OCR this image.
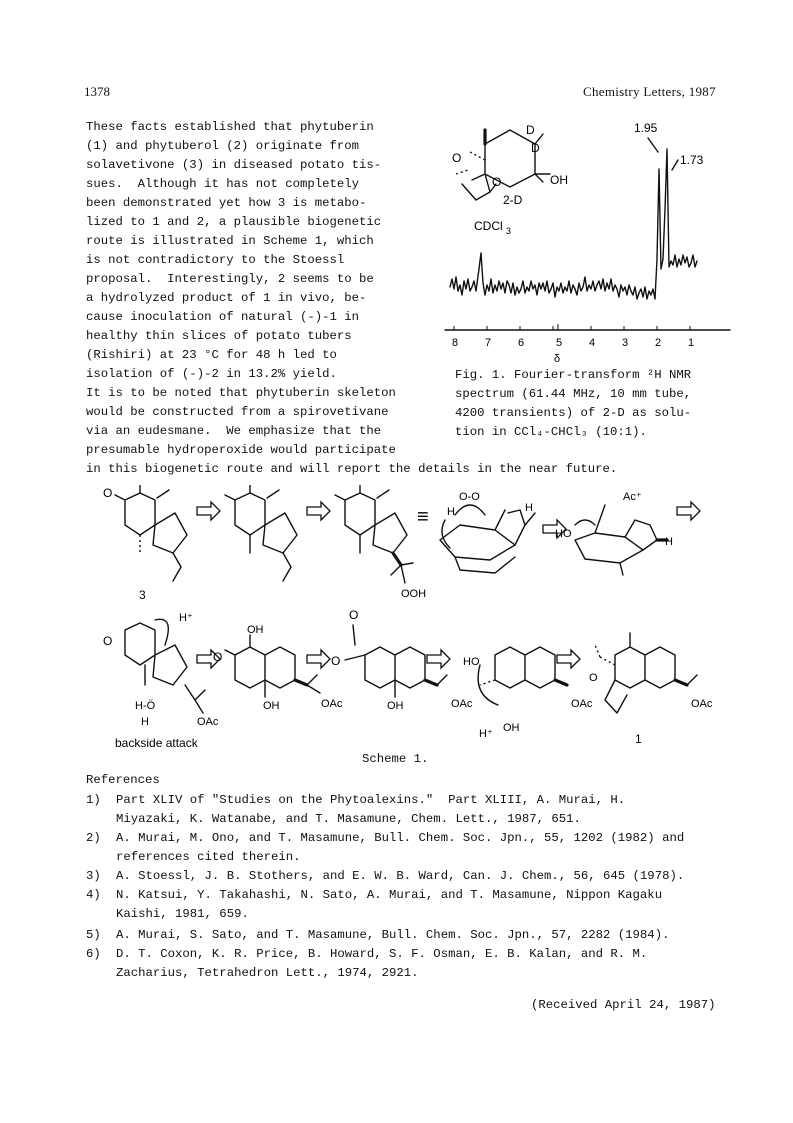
1378	Chemistry Letters, 1987
These facts established that phytuberin
(1) and phytuberol (2) originate from
solavetivone (3) in diseased potato tis-
sues.  Although it has not completely
been demonstrated yet how 3 is metabo-
lized to 1 and 2, a plausible biogenetic
route is illustrated in Scheme 1, which
is not contradictory to the Stoessl
proposal.  Interestingly, 2 seems to be
a hydrolyzed product of 1 in vivo, be-
cause inoculation of natural (-)-1 in
healthy thin slices of potato tubers
(Rishiri) at 23 °C for 48 h led to
isolation of (-)-2 in 13.2% yield.
It is to be noted that phytuberin skeleton
would be constructed from a spirovetivane
via an eudesmane.  We emphasize that the
presumable hydroperoxide would participate
in this biogenetic route and will report the details in the near future.
D
D
OH
O
O
2-D
CDCl 3
1.95
1.73
8 7 6	5 4 3 2 1
δ
Fig. 1. Fourier-transform ²H NMR
spectrum (61.44 MHz, 10 mm tube,
4200 transients) of 2-D as solu-
tion in CCl₄-CHCl₃ (10:1).
O
3	OOH
≡
O-O
H	H
Ac⁺
HO
H
O
H⁺
H-Ö
H	OAc
backside attack
OH
O
OH	OAc
O
O
OH	OAc
HO
OAc
H⁺ OH
O
OAc
1
Scheme 1.
References
1) Part XLIV of "Studies on the Phytoalexins."  Part XLIII, A. Murai, H.
Miyazaki, K. Watanabe, and T. Masamune, Chem. Lett., 1987, 651.
2) A. Murai, M. Ono, and T. Masamune, Bull. Chem. Soc. Jpn., 55, 1202 (1982) and
references cited therein.
3) A. Stoessl, J. B. Stothers, and E. W. B. Ward, Can. J. Chem., 56, 645 (1978).
4) N. Katsui, Y. Takahashi, N. Sato, A. Murai, and T. Masamune, Nippon Kagaku
Kaishi, 1981, 659.
5) A. Murai, S. Sato, and T. Masamune, Bull. Chem. Soc. Jpn., 57, 2282 (1984).
6) D. T. Coxon, K. R. Price, B. Howard, S. F. Osman, E. B. Kalan, and R. M.
Zacharius, Tetrahedron Lett., 1974, 2921.
(Received April 24, 1987)
